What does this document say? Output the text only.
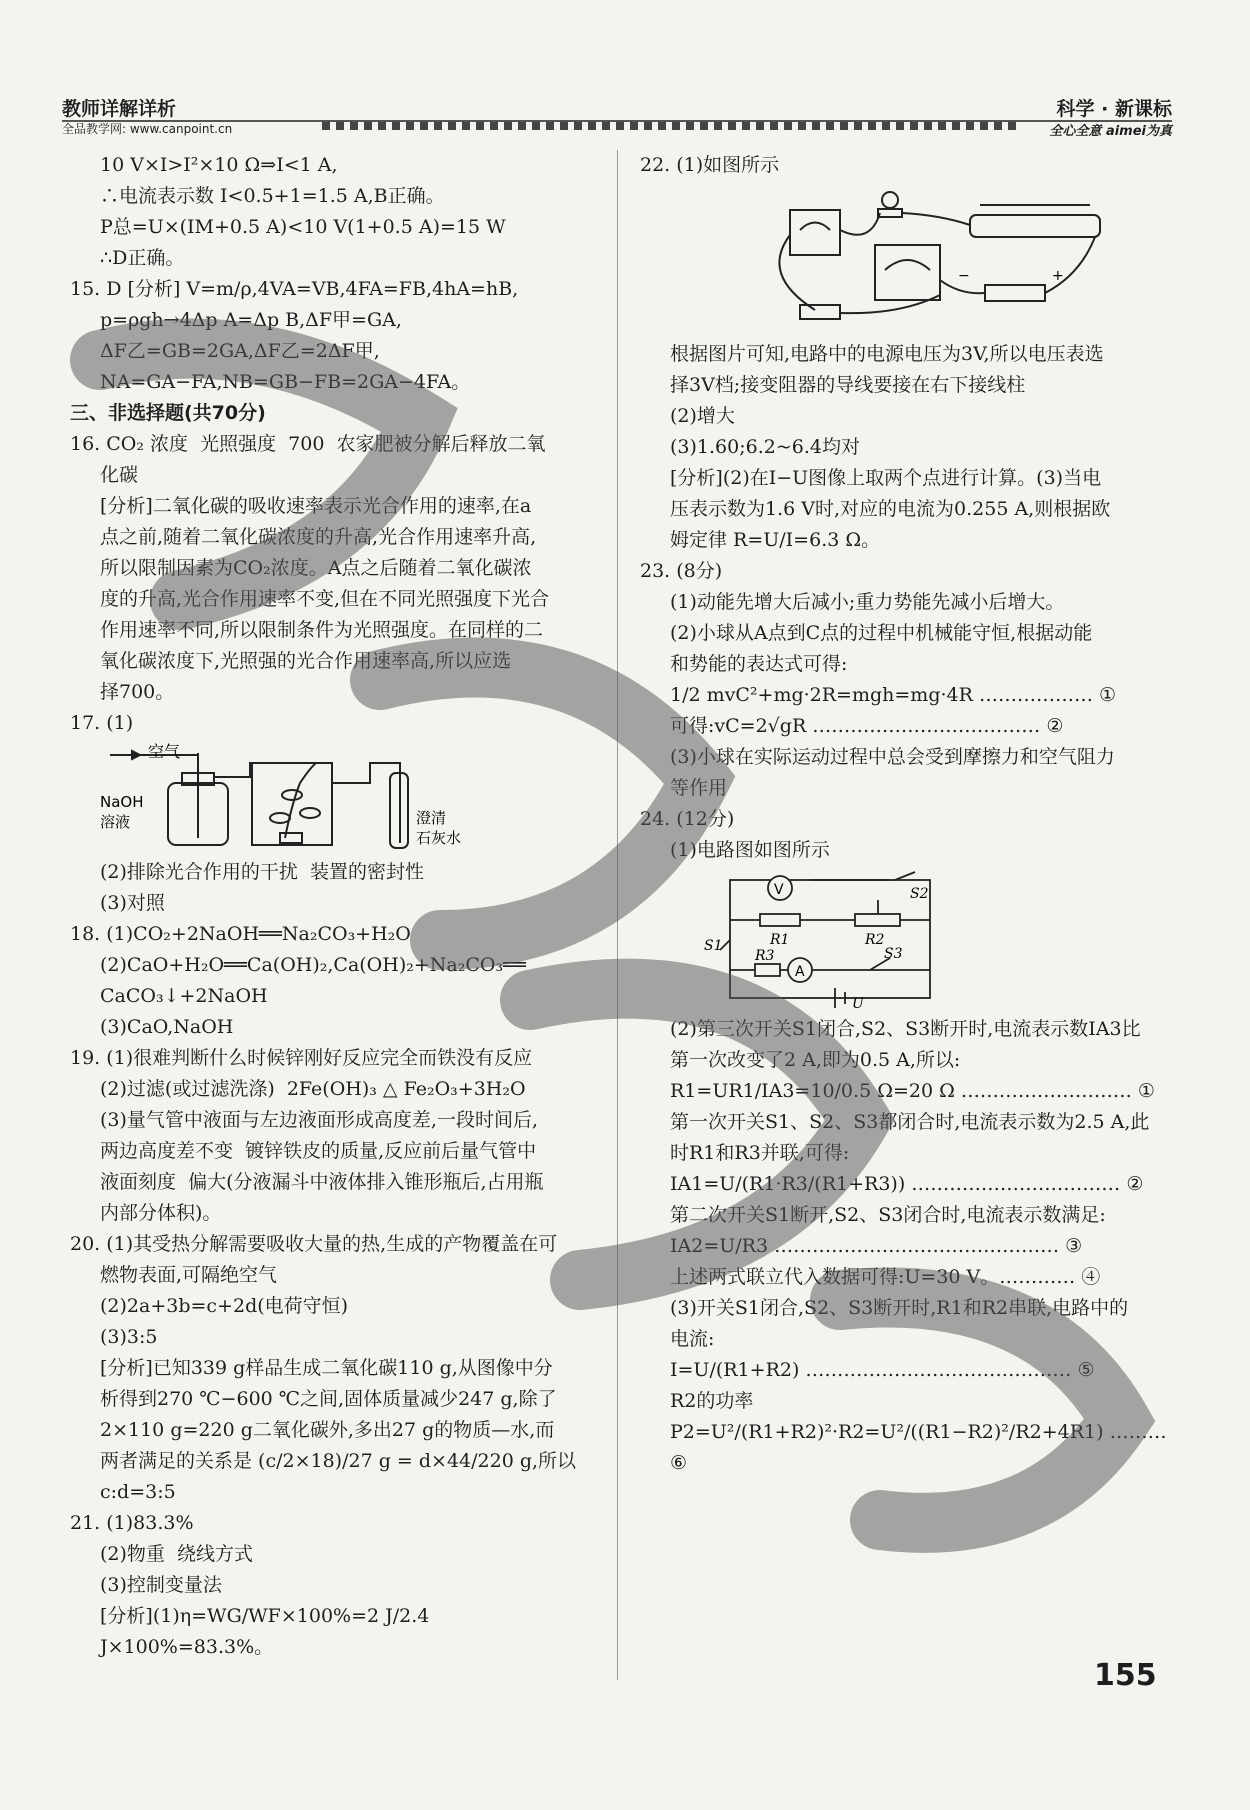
教师详解详析
全品教学网: www.canpoint.cn
科学 · 新课标
全心全意 aimei为真

10 V×I>I²×10 Ω⇒I<1 A,

∴电流表示数 I<0.5+1=1.5 A,B正确。

P总=U×(IM+0.5 A)<10 V(1+0.5 A)=15 W

∴D正确。

15. D [分析] V=m/ρ,4VA=VB,4FA=FB,4hA=hB,

p=ρgh→4Δp A=Δp B,ΔF甲=GA,

ΔF乙=GB=2GA,ΔF乙=2ΔF甲,

NA=GA−FA,NB=GB−FB=2GA−4FA。

三、非选择题(共70分)

16. CO₂ 浓度  光照强度  700  农家肥被分解后释放二氧

化碳

[分析]二氧化碳的吸收速率表示光合作用的速率,在a

点之前,随着二氧化碳浓度的升高,光合作用速率升高,

所以限制因素为CO₂浓度。A点之后随着二氧化碳浓

度的升高,光合作用速率不变,但在不同光照强度下光合

作用速率不同,所以限制条件为光照强度。在同样的二

氧化碳浓度下,光照强的光合作用速率高,所以应选

择700。

17. (1)

空气
NaOH
溶液	澄清
石灰水

(2)排除光合作用的干扰  装置的密封性

(3)对照

18. (1)CO₂+2NaOH══Na₂CO₃+H₂O

(2)CaO+H₂O══Ca(OH)₂,Ca(OH)₂+Na₂CO₃══

CaCO₃↓+2NaOH

(3)CaO,NaOH

19. (1)很难判断什么时候锌刚好反应完全而铁没有反应

(2)过滤(或过滤洗涤)  2Fe(OH)₃ △ Fe₂O₃+3H₂O

(3)量气管中液面与左边液面形成高度差,一段时间后,

两边高度差不变  镀锌铁皮的质量,反应前后量气管中

液面刻度  偏大(分液漏斗中液体排入锥形瓶后,占用瓶

内部分体积)。

20. (1)其受热分解需要吸收大量的热,生成的产物覆盖在可

燃物表面,可隔绝空气

(2)2a+3b=c+2d(电荷守恒)

(3)3:5

[分析]已知339 g样品生成二氧化碳110 g,从图像中分

析得到270 ℃−600 ℃之间,固体质量减少247 g,除了

2×110 g=220 g二氧化碳外,多出27 g的物质—水,而

两者满足的关系是 (c/2×18)/27 g = d×44/220 g,所以 c:d=3:5

21. (1)83.3%

(2)物重  绕线方式

(3)控制变量法

[分析](1)η=WG/WF×100%=2 J/2.4 J×100%=83.3%。

22. (1)如图所示

−	+

根据图片可知,电路中的电源电压为3V,所以电压表选

择3V档;接变阻器的导线要接在右下接线柱

(2)增大

(3)1.60;6.2~6.4均对

[分析](2)在I−U图像上取两个点进行计算。(3)当电

压表示数为1.6 V时,对应的电流为0.255 A,则根据欧

姆定律 R=U/I=6.3 Ω。

23. (8分)

(1)动能先增大后减小;重力势能先减小后增大。

(2)小球从A点到C点的过程中机械能守恒,根据动能

和势能的表达式可得:

1/2 mvC²+mg·2R=mgh=mg·4R ……………… ①

可得:vC=2√gR ……………………………… ②

(3)小球在实际运动过程中总会受到摩擦力和空气阻力

等作用

24. (12分)

(1)电路图如图所示

V
A
S1
S2
S3
R1	R2
R3
U

(2)第三次开关S1闭合,S2、S3断开时,电流表示数IA3比

第一次改变了2 A,即为0.5 A,所以:

R1=UR1/IA3=10/0.5 Ω=20 Ω ……………………… ①

第一次开关S1、S2、S3都闭合时,电流表示数为2.5 A,此

时R1和R3并联,可得:

IA1=U/(R1·R3/(R1+R3)) …………………………… ②

第二次开关S1断开,S2、S3闭合时,电流表示数满足:

IA2=U/R3 ……………………………………… ③

上述两式联立代入数据可得:U=30 V。………… ④

(3)开关S1闭合,S2、S3断开时,R1和R2串联,电路中的

电流:

I=U/(R1+R2) …………………………………… ⑤

R2的功率

P2=U²/(R1+R2)²·R2=U²/((R1−R2)²/R2+4R1) ……… ⑥

155
